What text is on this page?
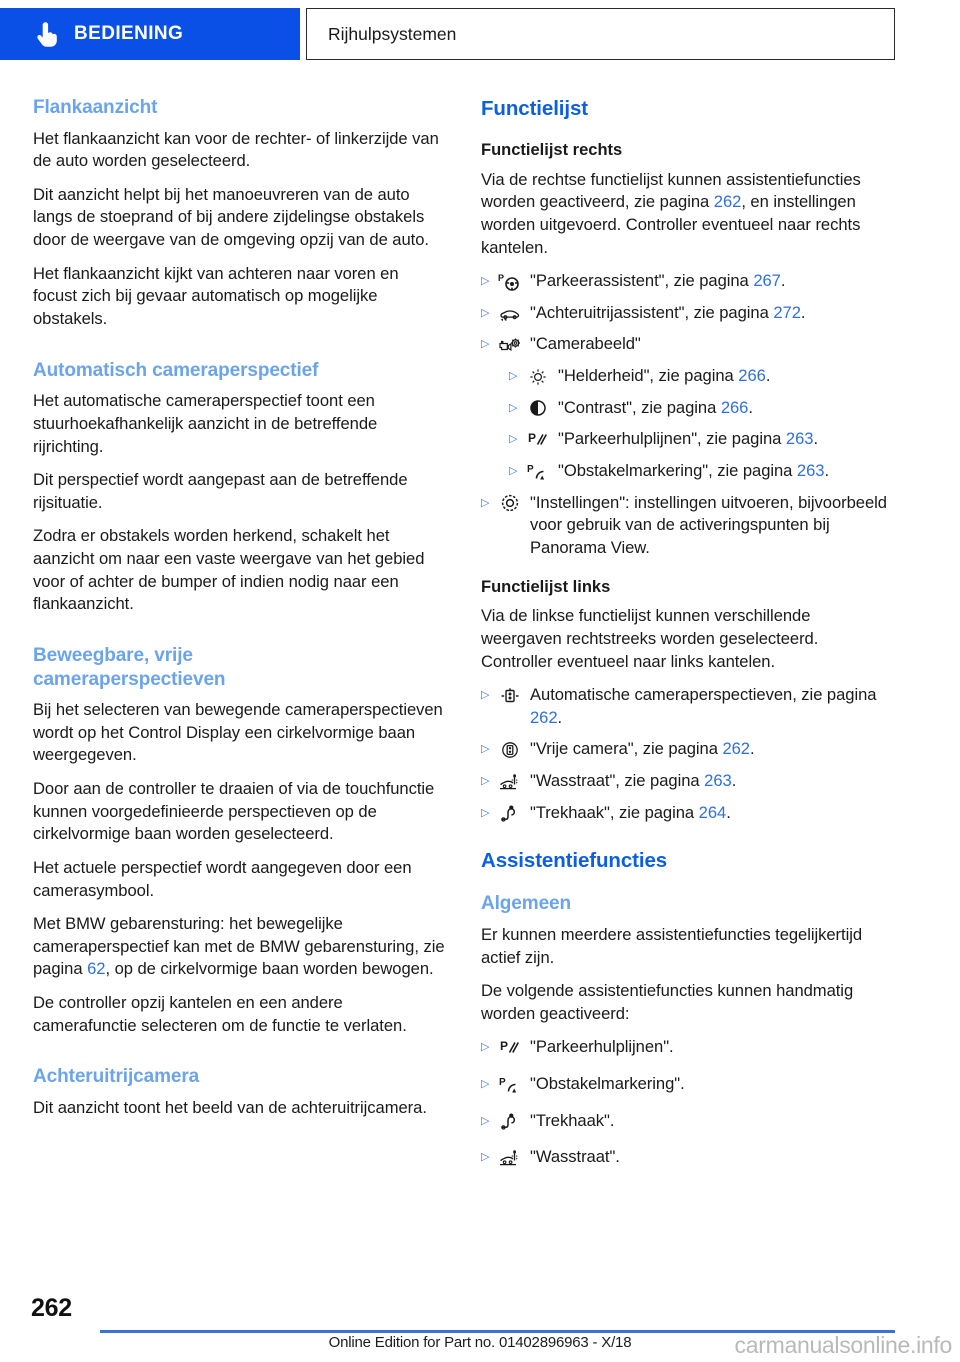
BEDIENING	Rijhulpsystemen
Flankaanzicht

Het flankaanzicht kan voor de rechter- of linkerzijde van de auto worden geselecteerd.

Dit aanzicht helpt bij het manoeuvreren van de auto langs de stoeprand of bij andere zijdelingse obstakels door de weergave van de omgeving opzij van de auto.

Het flankaanzicht kijkt van achteren naar voren en focust zich bij gevaar automatisch op mogelijke obstakels.

Automatisch cameraperspectief

Het automatische cameraperspectief toont een stuurhoekafhankelijk aanzicht in de betreffende rijrichting.

Dit perspectief wordt aangepast aan de betreffende rijsituatie.

Zodra er obstakels worden herkend, schakelt het aanzicht om naar een vaste weergave van het gebied voor of achter de bumper of indien nodig naar een flankaanzicht.

Beweegbare, vrije
cameraperspectieven

Bij het selecteren van bewegende cameraperspectieven wordt op het Control Display een cirkelvormige baan weergegeven.

Door aan de controller te draaien of via de touchfunctie kunnen voorgedefinieerde perspectieven op de cirkelvormige baan worden geselecteerd.

Het actuele perspectief wordt aangegeven door een camerasymbool.

Met BMW gebarensturing: het bewegelijke cameraperspectief kan met de BMW gebarensturing, zie pagina 62, op de cirkelvormige baan worden bewogen.

De controller opzij kantelen en een andere camerafunctie selecteren om de functie te verlaten.

Achteruitrijcamera

Dit aanzicht toont het beeld van de achteruitrijcamera.

Functielijst
Functielijst rechts

Via de rechtse functielijst kunnen assistentiefuncties worden geactiveerd, zie pagina 262, en instellingen worden uitgevoerd. Controller eventueel naar rechts kantelen.

▷ P "Parkeerassistent", zie pagina 267.
▷	"Achteruitrijassistent", zie pagina 272.
▷	"Camerabeeld"
▷	"Helderheid", zie pagina 266.
▷	"Contrast", zie pagina 266.
▷ P "Parkeerhulplijnen", zie pagina 263.
▷ P "Obstakelmarkering", zie pagina 263.
▷	"Instellingen": instellingen uitvoeren, bijvoorbeeld voor gebruik van de activeringspunten bij Panorama View.
Functielijst links

Via de linkse functielijst kunnen verschillende weergaven rechtstreeks worden geselecteerd. Controller eventueel naar links kantelen.

▷	Automatische cameraperspectieven, zie pagina 262.
▷	"Vrije camera", zie pagina 262.
▷	"Wasstraat", zie pagina 263.
▷	"Trekhaak", zie pagina 264.
Assistentiefuncties
Algemeen

Er kunnen meerdere assistentiefuncties tegelijkertijd actief zijn.

De volgende assistentiefuncties kunnen handmatig worden geactiveerd:

▷ P "Parkeerhulplijnen".
▷ P "Obstakelmarkering".
▷	"Trekhaak".
▷	"Wasstraat".
262
Online Edition for Part no. 01402896963 - X/18	carmanualsonline.info
